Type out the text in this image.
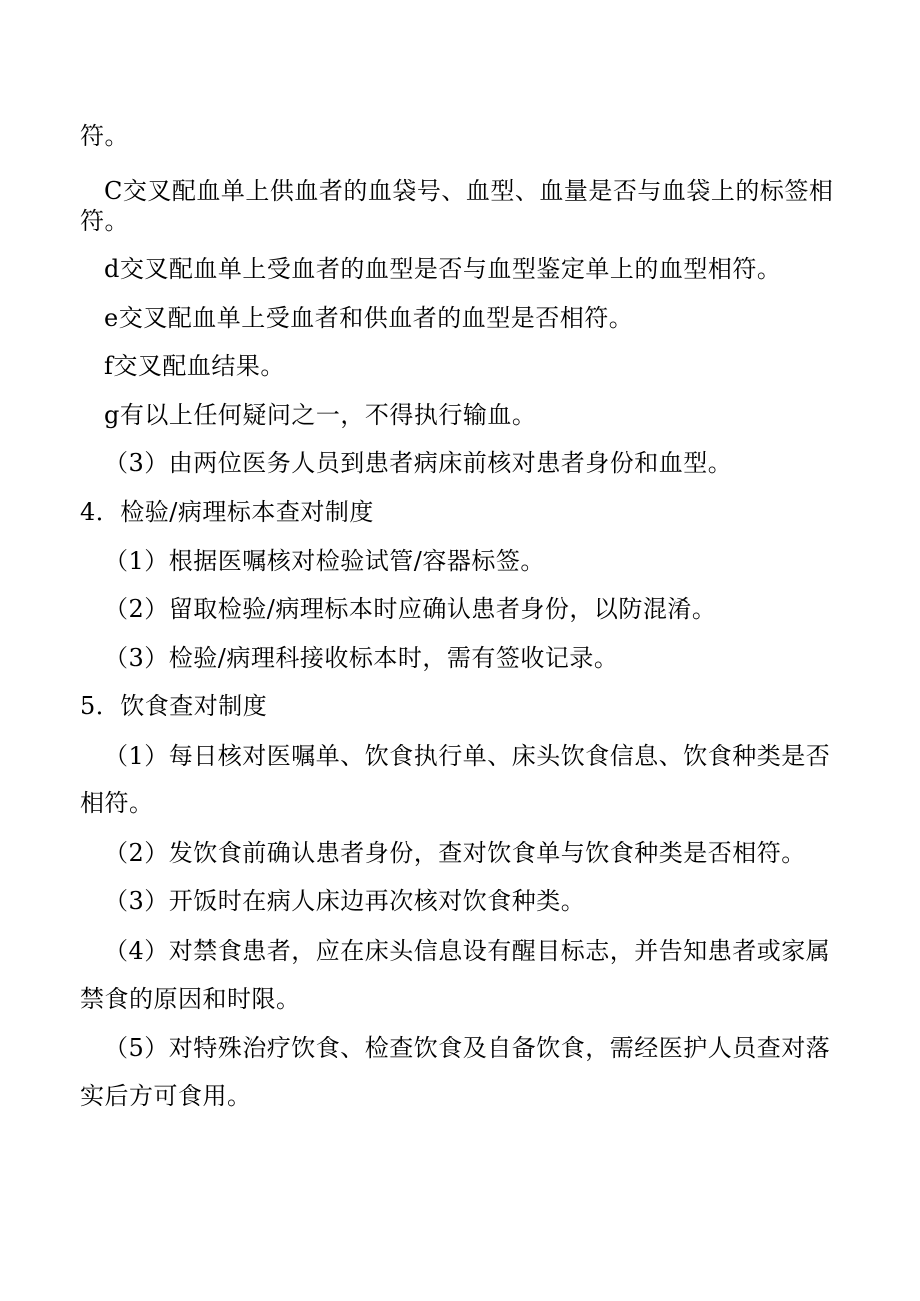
符。
C交叉配血单上供血者的血袋号、血型、血量是否与血袋上的标签相
符。
d交叉配血单上受血者的血型是否与血型鉴定单上的血型相符。
e交叉配血单上受血者和供血者的血型是否相符。
f交叉配血结果。
g有以上任何疑问之一，不得执行输血。
（3）由两位医务人员到患者病床前核对患者身份和血型。
4．检验/病理标本查对制度
（1）根据医嘱核对检验试管/容器标签。
（2）留取检验/病理标本时应确认患者身份，以防混淆。
（3）检验/病理科接收标本时，需有签收记录。
5．饮食查对制度
（1）每日核对医嘱单、饮食执行单、床头饮食信息、饮食种类是否
相符。
（2）发饮食前确认患者身份，查对饮食单与饮食种类是否相符。
（3）开饭时在病人床边再次核对饮食种类。
（4）对禁食患者，应在床头信息设有醒目标志，并告知患者或家属
禁食的原因和时限。
（5）对特殊治疗饮食、检查饮食及自备饮食，需经医护人员查对落
实后方可食用。
